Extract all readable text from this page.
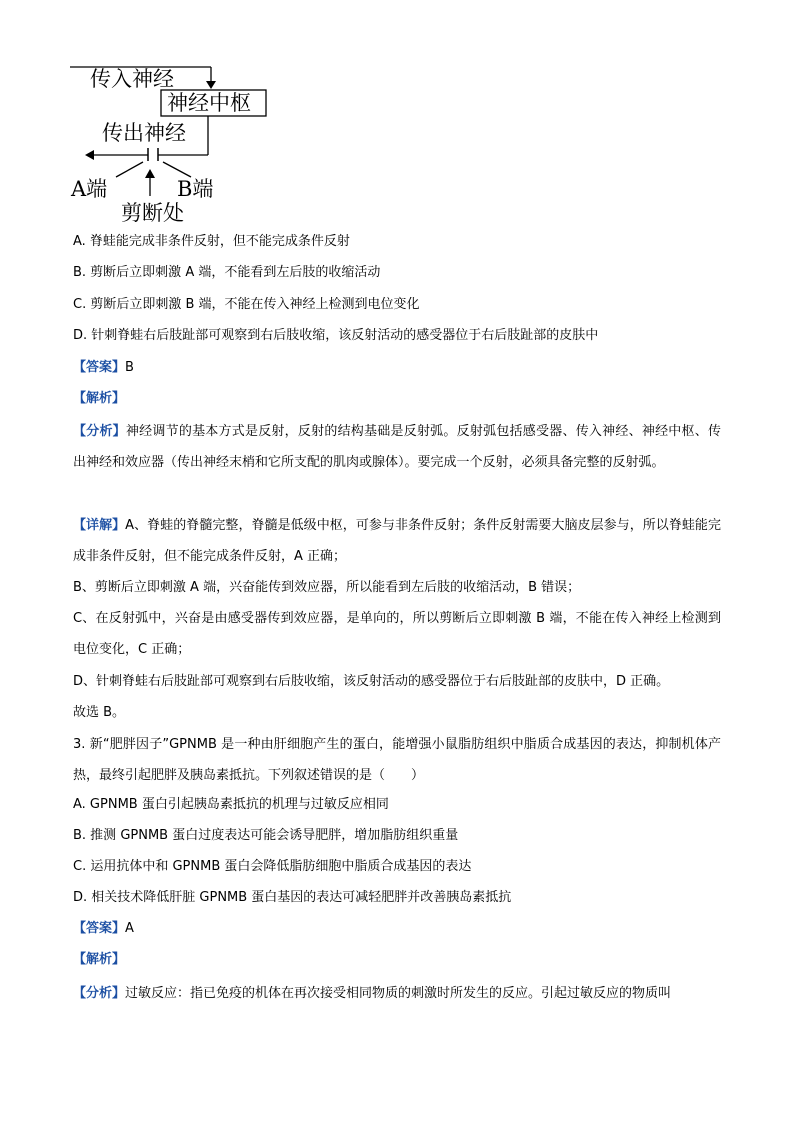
传入神经
神经中枢
传出神经
A端	B端
剪断处
A. 脊蛙能完成非条件反射，但不能完成条件反射
B. 剪断后立即刺激 A 端，不能看到左后肢的收缩活动
C. 剪断后立即刺激 B 端，不能在传入神经上检测到电位变化
D. 针刺脊蛙右后肢趾部可观察到右后肢收缩，该反射活动的感受器位于右后肢趾部的皮肤中
【答案】B
【解析】
【分析】神经调节的基本方式是反射，反射的结构基础是反射弧。反射弧包括感受器、传入神经、神经中枢、传出神经和效应器（传出神经末梢和它所支配的肌肉或腺体）。要完成一个反射，必须具备完整的反射弧。
【详解】A、脊蛙的脊髓完整，脊髓是低级中枢，可参与非条件反射；条件反射需要大脑皮层参与，所以脊蛙能完成非条件反射，但不能完成条件反射，A 正确；
B、剪断后立即刺激 A 端，兴奋能传到效应器，所以能看到左后肢的收缩活动，B 错误；
C、在反射弧中，兴奋是由感受器传到效应器，是单向的，所以剪断后立即刺激 B 端，不能在传入神经上检测到电位变化，C 正确；
D、针刺脊蛙右后肢趾部可观察到右后肢收缩，该反射活动的感受器位于右后肢趾部的皮肤中，D 正确。
故选 B。
3. 新“肥胖因子”GPNMB 是一种由肝细胞产生的蛋白，能增强小鼠脂肪组织中脂质合成基因的表达，抑制机体产热，最终引起肥胖及胰岛素抵抗。下列叙述错误的是（　　）
A. GPNMB 蛋白引起胰岛素抵抗的机理与过敏反应相同
B. 推测 GPNMB 蛋白过度表达可能会诱导肥胖，增加脂肪组织重量
C. 运用抗体中和 GPNMB 蛋白会降低脂肪细胞中脂质合成基因的表达
D. 相关技术降低肝脏 GPNMB 蛋白基因的表达可减轻肥胖并改善胰岛素抵抗
【答案】A
【解析】
【分析】过敏反应：指已免疫的机体在再次接受相同物质的刺激时所发生的反应。引起过敏反应的物质叫
